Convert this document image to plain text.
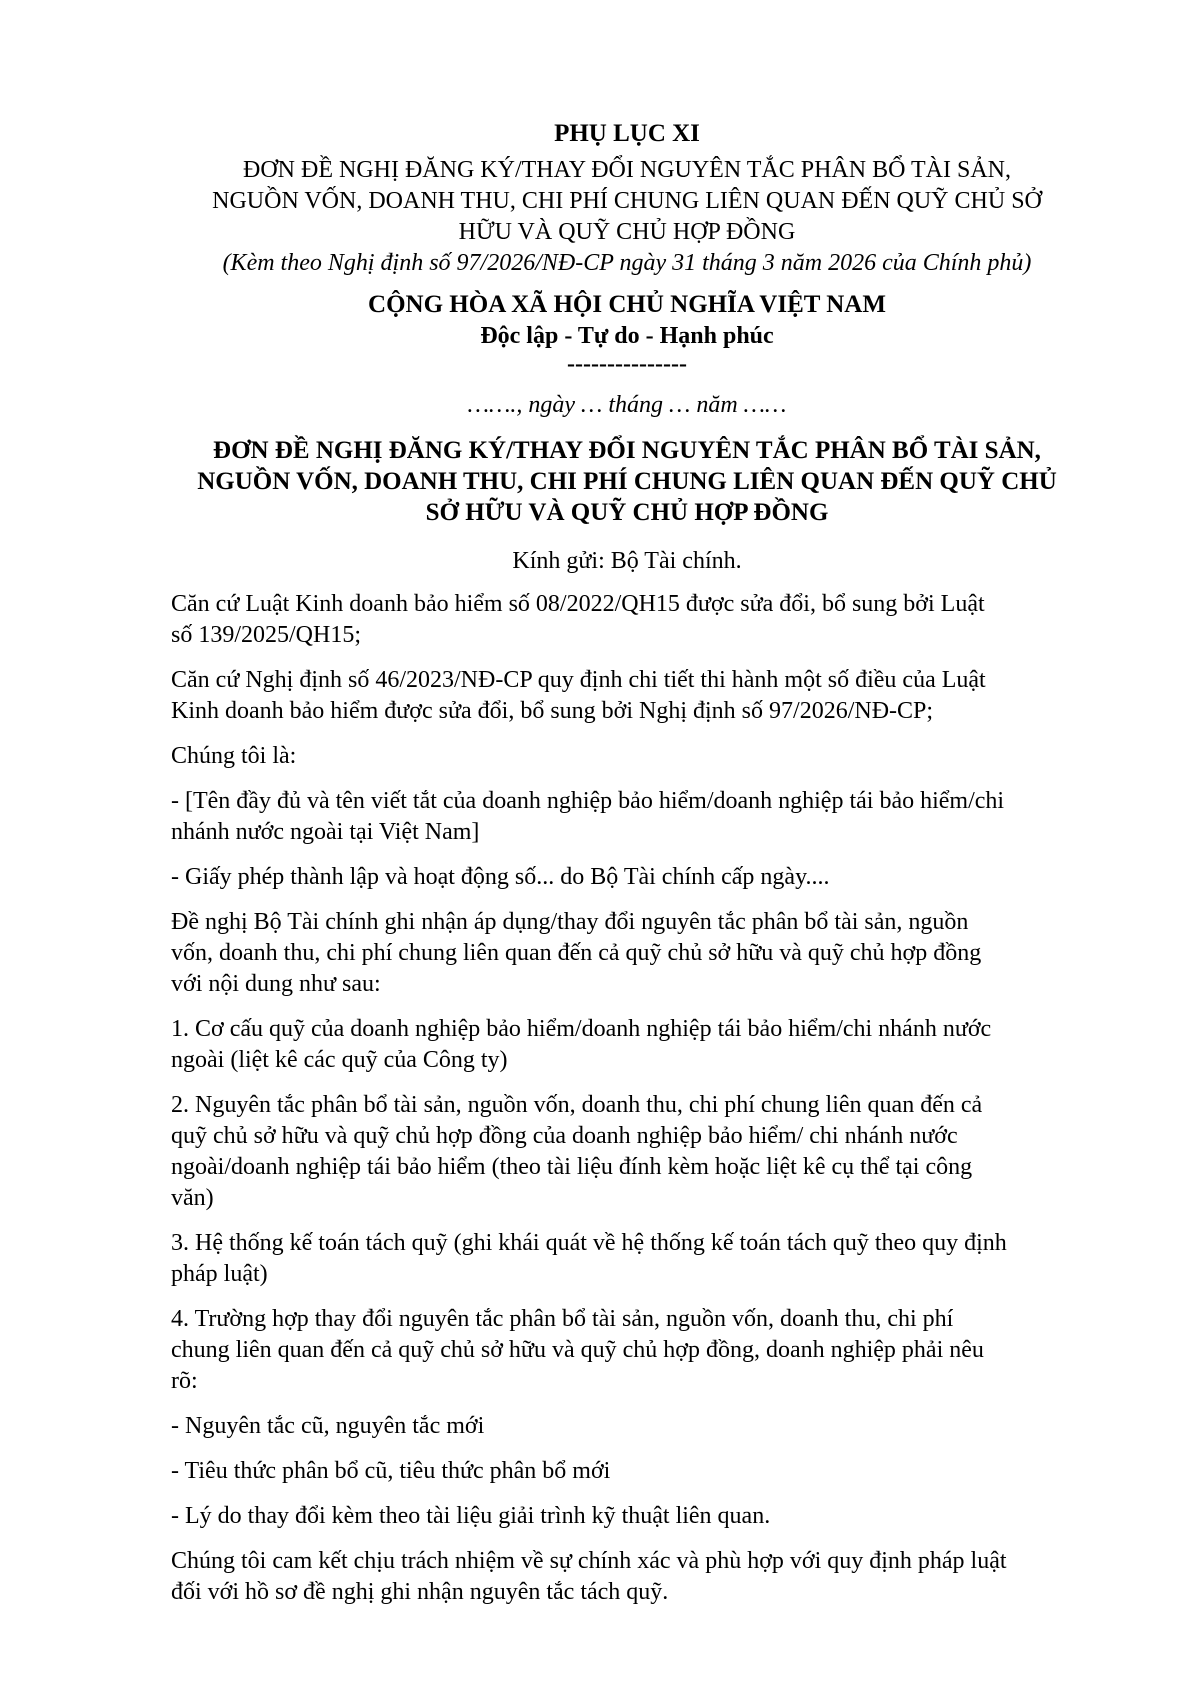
PHỤ LỤC XI
ĐƠN ĐỀ NGHỊ ĐĂNG KÝ/THAY ĐỔI NGUYÊN TẮC PHÂN BỔ TÀI SẢN,
NGUỒN VỐN, DOANH THU, CHI PHÍ CHUNG LIÊN QUAN ĐẾN QUỸ CHỦ SỞ
HỮU VÀ QUỸ CHỦ HỢP ĐỒNG
(Kèm theo Nghị định số 97/2026/NĐ-CP ngày 31 tháng 3 năm 2026 của Chính phủ)
CỘNG HÒA XÃ HỘI CHỦ NGHĨA VIỆT NAM
Độc lập - Tự do - Hạnh phúc
---------------
……., ngày … tháng … năm ……
ĐƠN ĐỀ NGHỊ ĐĂNG KÝ/THAY ĐỔI NGUYÊN TẮC PHÂN BỔ TÀI SẢN,
NGUỒN VỐN, DOANH THU, CHI PHÍ CHUNG LIÊN QUAN ĐẾN QUỸ CHỦ
SỞ HỮU VÀ QUỸ CHỦ HỢP ĐỒNG
Kính gửi: Bộ Tài chính.
Căn cứ Luật Kinh doanh bảo hiểm số 08/2022/QH15 được sửa đổi, bổ sung bởi Luật
số 139/2025/QH15;
Căn cứ Nghị định số 46/2023/NĐ-CP quy định chi tiết thi hành một số điều của Luật
Kinh doanh bảo hiểm được sửa đổi, bổ sung bởi Nghị định số 97/2026/NĐ-CP;
Chúng tôi là:
- [Tên đầy đủ và tên viết tắt của doanh nghiệp bảo hiểm/doanh nghiệp tái bảo hiểm/chi
nhánh nước ngoài tại Việt Nam]
- Giấy phép thành lập và hoạt động số... do Bộ Tài chính cấp ngày....
Đề nghị Bộ Tài chính ghi nhận áp dụng/thay đổi nguyên tắc phân bổ tài sản, nguồn
vốn, doanh thu, chi phí chung liên quan đến cả quỹ chủ sở hữu và quỹ chủ hợp đồng
với nội dung như sau:
1. Cơ cấu quỹ của doanh nghiệp bảo hiểm/doanh nghiệp tái bảo hiểm/chi nhánh nước
ngoài (liệt kê các quỹ của Công ty)
2. Nguyên tắc phân bổ tài sản, nguồn vốn, doanh thu, chi phí chung liên quan đến cả
quỹ chủ sở hữu và quỹ chủ hợp đồng của doanh nghiệp bảo hiểm/ chi nhánh nước
ngoài/doanh nghiệp tái bảo hiểm (theo tài liệu đính kèm hoặc liệt kê cụ thể tại công
văn)
3. Hệ thống kế toán tách quỹ (ghi khái quát về hệ thống kế toán tách quỹ theo quy định
pháp luật)
4. Trường hợp thay đổi nguyên tắc phân bổ tài sản, nguồn vốn, doanh thu, chi phí
chung liên quan đến cả quỹ chủ sở hữu và quỹ chủ hợp đồng, doanh nghiệp phải nêu
rõ:
- Nguyên tắc cũ, nguyên tắc mới
- Tiêu thức phân bổ cũ, tiêu thức phân bổ mới
- Lý do thay đổi kèm theo tài liệu giải trình kỹ thuật liên quan.
Chúng tôi cam kết chịu trách nhiệm về sự chính xác và phù hợp với quy định pháp luật
đối với hồ sơ đề nghị ghi nhận nguyên tắc tách quỹ.
